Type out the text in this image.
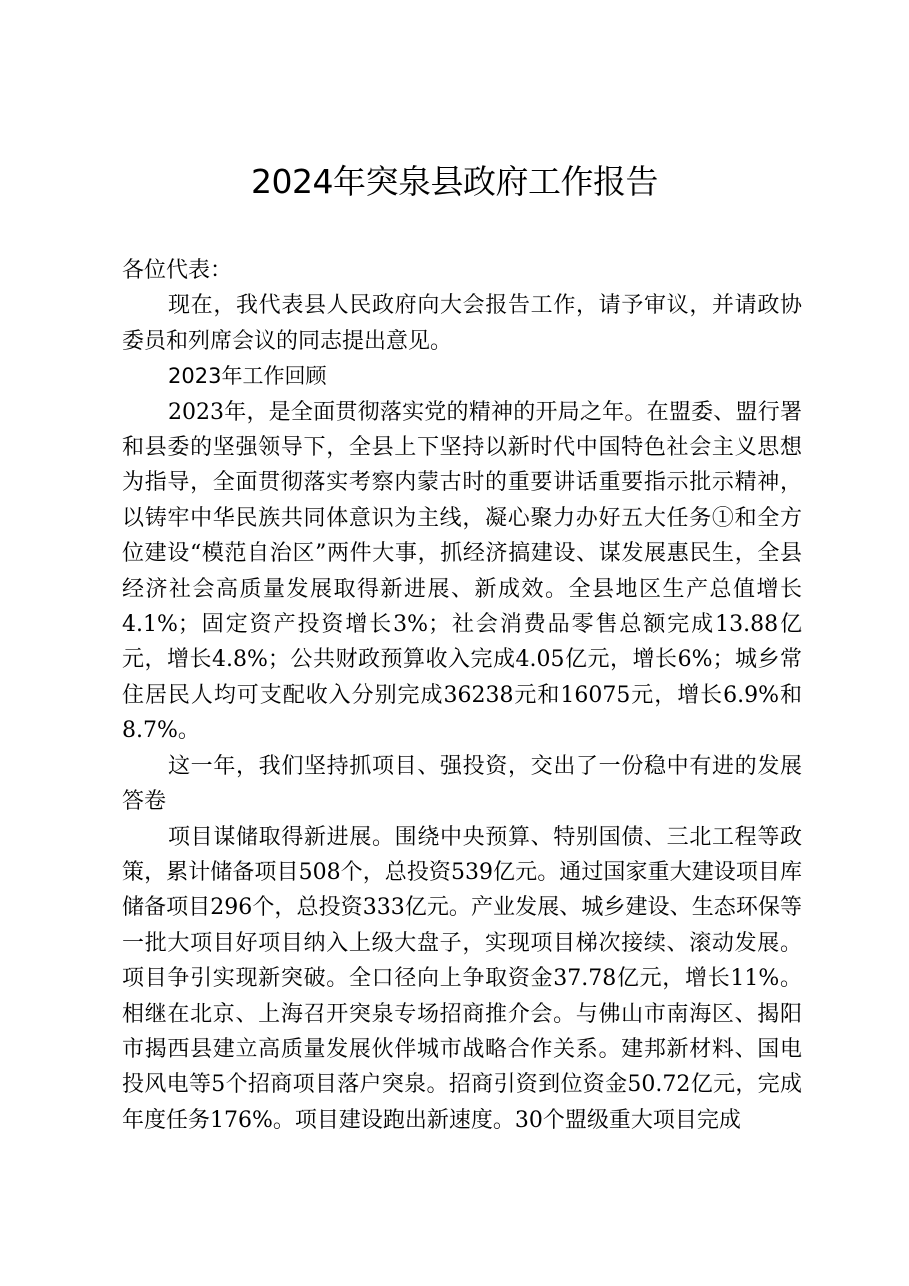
2024年突泉县政府工作报告

各位代表：

现在，我代表县人民政府向大会报告工作，请予审议，并请政协委员和列席会议的同志提出意见。

2023年工作回顾

2023年，是全面贯彻落实党的精神的开局之年。在盟委、盟行署和县委的坚强领导下，全县上下坚持以新时代中国特色社会主义思想为指导，全面贯彻落实考察内蒙古时的重要讲话重要指示批示精神，以铸牢中华民族共同体意识为主线，凝心聚力办好五大任务①和全方位建设“模范自治区”两件大事，抓经济搞建设、谋发展惠民生，全县经济社会高质量发展取得新进展、新成效。全县地区生产总值增长4.1%；固定资产投资增长3%；社会消费品零售总额完成13.88亿元，增长4.8%；公共财政预算收入完成4.05亿元，增长6%；城乡常住居民人均可支配收入分别完成36238元和16075元，增长6.9%和8.7%。

这一年，我们坚持抓项目、强投资，交出了一份稳中有进的发展答卷

项目谋储取得新进展。围绕中央预算、特别国债、三北工程等政策，累计储备项目508个，总投资539亿元。通过国家重大建设项目库储备项目296个，总投资333亿元。产业发展、城乡建设、生态环保等一批大项目好项目纳入上级大盘子，实现项目梯次接续、滚动发展。项目争引实现新突破。全口径向上争取资金37.78亿元，增长11%。相继在北京、上海召开突泉专场招商推介会。与佛山市南海区、揭阳市揭西县建立高质量发展伙伴城市战略合作关系。建邦新材料、国电投风电等5个招商项目落户突泉。招商引资到位资金50.72亿元，完成年度任务176%。项目建设跑出新速度。30个盟级重大项目完成
